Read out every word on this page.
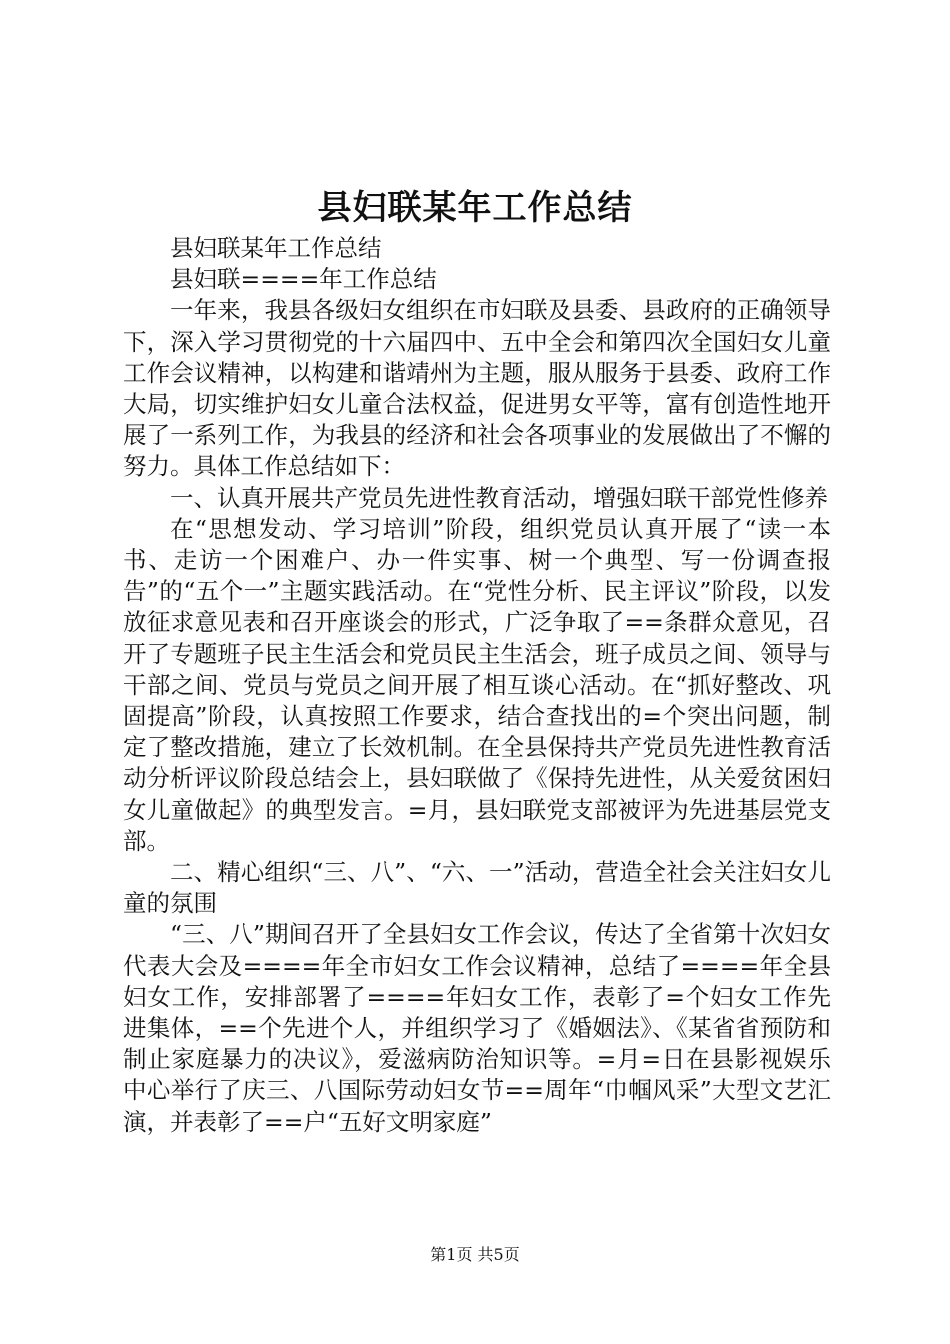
县妇联某年工作总结

县妇联某年工作总结

县妇联====年工作总结

一年来，我县各级妇女组织在市妇联及县委、县政府的正确领导下，深入学习贯彻党的十六届四中、五中全会和第四次全国妇女儿童工作会议精神，以构建和谐靖州为主题，服从服务于县委、政府工作大局，切实维护妇女儿童合法权益，促进男女平等，富有创造性地开展了一系列工作，为我县的经济和社会各项事业的发展做出了不懈的努力。具体工作总结如下：

一、认真开展共产党员先进性教育活动，增强妇联干部党性修养

在“思想发动、学习培训”阶段，组织党员认真开展了“读一本书、走访一个困难户、办一件实事、树一个典型、写一份调查报告”的“五个一”主题实践活动。在“党性分析、民主评议”阶段，以发放征求意见表和召开座谈会的形式，广泛争取了==条群众意见，召开了专题班子民主生活会和党员民主生活会，班子成员之间、领导与干部之间、党员与党员之间开展了相互谈心活动。在“抓好整改、巩固提高”阶段，认真按照工作要求，结合查找出的=个突出问题，制定了整改措施，建立了长效机制。在全县保持共产党员先进性教育活动分析评议阶段总结会上，县妇联做了《保持先进性，从关爱贫困妇女儿童做起》的典型发言。=月，县妇联党支部被评为先进基层党支部。

二、精心组织“三、八”、“六、一”活动，营造全社会关注妇女儿童的氛围

“三、八”期间召开了全县妇女工作会议，传达了全省第十次妇女代表大会及====年全市妇女工作会议精神，总结了====年全县妇女工作，安排部署了====年妇女工作，表彰了=个妇女工作先进集体，==个先进个人，并组织学习了《婚姻法》、《某省省预防和制止家庭暴力的决议》，爱滋病防治知识等。=月=日在县影视娱乐中心举行了庆三、八国际劳动妇女节==周年“巾帼风采”大型文艺汇演，并表彰了==户“五好文明家庭”

第1页 共5页
